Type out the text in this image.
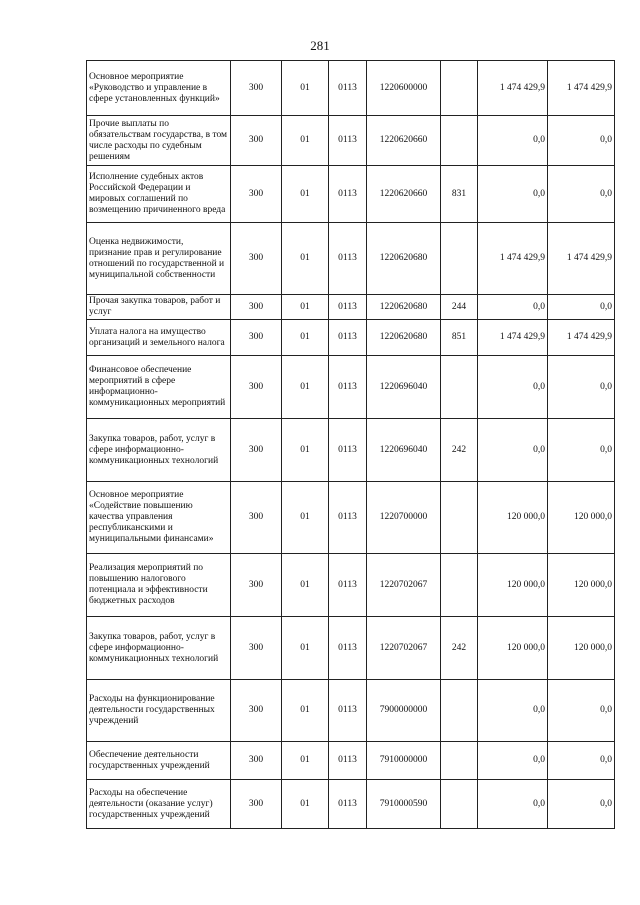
281
Основное мероприятие «Руководство и управление в сфере установленных функций»	300	01	0113	1220600000		1 474 429,9	1 474 429,9
Прочие выплаты по обязательствам государства, в том числе расходы по судебным решениям	300	01	0113	1220620660		0,0	0,0
Исполнение судебных актов Российской Федерации и мировых соглашений по возмещению причиненного вреда	300	01	0113	1220620660	831	0,0	0,0
Оценка недвижимости, признание прав и регулирование отношений по государственной и муниципальной собственности	300	01	0113	1220620680		1 474 429,9	1 474 429,9
Прочая закупка товаров, работ и услуг	300	01	0113	1220620680	244	0,0	0,0
Уплата налога на имущество организаций и земельного налога	300	01	0113	1220620680	851	1 474 429,9	1 474 429,9
Финансовое обеспечение мероприятий в сфере информационно-коммуникационных мероприятий	300	01	0113	1220696040		0,0	0,0
Закупка товаров, работ, услуг в сфере информационно-коммуникационных технологий	300	01	0113	1220696040	242	0,0	0,0
Основное мероприятие «Содействие повышению качества управления республиканскими и муниципальными финансами»	300	01	0113	1220700000		120 000,0	120 000,0
Реализация мероприятий по повышению налогового потенциала и эффективности бюджетных расходов	300	01	0113	1220702067		120 000,0	120 000,0
Закупка товаров, работ, услуг в сфере информационно-коммуникационных технологий	300	01	0113	1220702067	242	120 000,0	120 000,0
Расходы на функционирование деятельности государственных учреждений	300	01	0113	7900000000		0,0	0,0
Обеспечение деятельности государственных учреждений	300	01	0113	7910000000		0,0	0,0
Расходы на обеспечение деятельности (оказание услуг) государственных учреждений	300	01	0113	7910000590		0,0	0,0
